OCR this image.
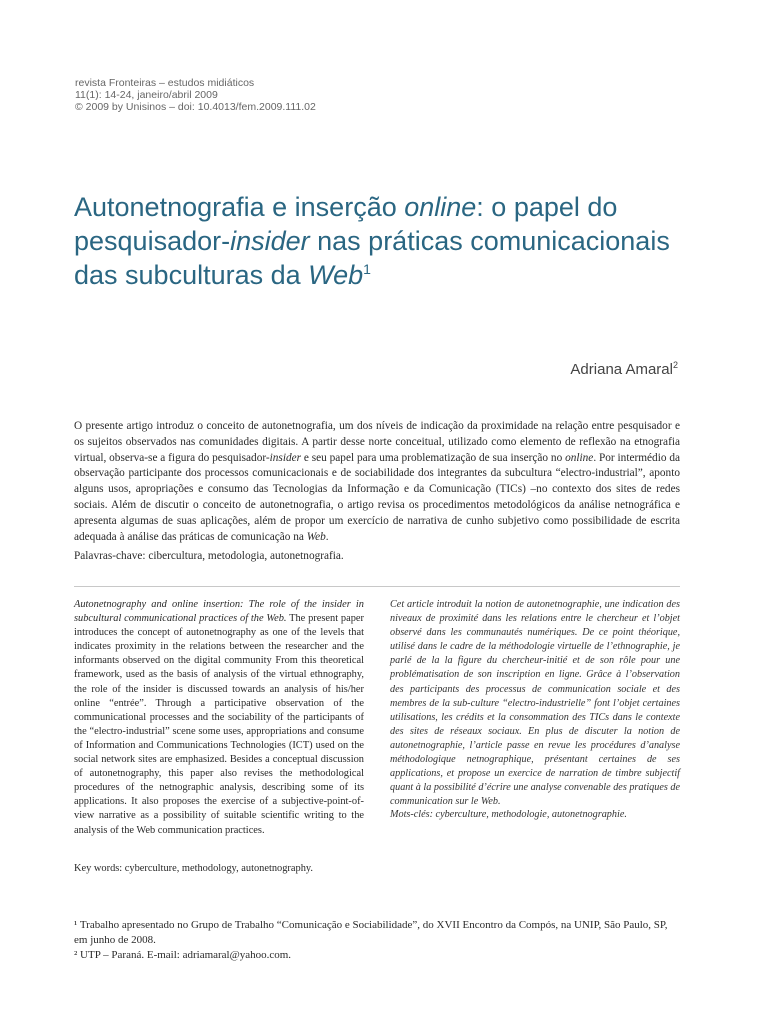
revista Fronteiras – estudos midiáticos
11(1): 14-24, janeiro/abril 2009
© 2009 by Unisinos – doi: 10.4013/fem.2009.111.02
Autonetnografia e inserção online: o papel do pesquisador-insider nas práticas comunicacionais das subculturas da Web$^1$
Adriana Amaral$^2$

O presente artigo introduz o conceito de autonetnografia, um dos níveis de indicação da proximidade na relação entre pesquisador e os sujeitos observados nas comunidades digitais. A partir desse norte conceitual, utilizado como elemento de reflexão na etnografia virtual, observa-se a figura do pesquisador-insider e seu papel para uma problematização de sua inserção no online. Por intermédio da observação participante dos processos comunicacionais e de sociabilidade dos integrantes da subcultura “electro-industrial”, aponto alguns usos, apropriações e consumo das Tecnologias da Informação e da Comunicação (TICs) –no contexto dos sites de redes sociais. Além de discutir o conceito de autonetnografia, o artigo revisa os procedimentos metodológicos da análise netnográfica e apresenta algumas de suas aplicações, além de propor um exercício de narrativa de cunho subjetivo como possibilidade de escrita adequada à análise das práticas de comunicação na Web.

Palavras-chave: cibercultura, metodologia, autonetnografia.

Autonetnography and online insertion: The role of the insider in subcultural communicational practices of the Web. The present paper introduces the concept of autonetnography as one of the levels that indicates proximity in the relations between the researcher and the informants observed on the digital community From this theoretical framework, used as the basis of analysis of the virtual ethnography, the role of the insider is discussed towards an analysis of his/her online “entrée”. Through a participative observation of the communicational processes and the sociability of the participants of the “electro-industrial” scene some uses, appropriations and consume of Information and Communications Technologies (ICT) used on the social network sites are emphasized. Besides a conceptual discussion of autonetnography, this paper also revises the methodological procedures of the netnographic analysis, describing some of its applications. It also proposes the exercise of a subjective-point-of-view narrative as a possibility of suitable scientific writing to the analysis of the Web communication practices.

Key words: cyberculture, methodology, autonetnography.

Cet article introduit la notion de autonetnographie, une indication des niveaux de proximité dans les relations entre le chercheur et l’objet observé dans les communautés numériques. De ce point théorique, utilisé dans le cadre de la méthodologie virtuelle de l’ethnographie, je parlé de la la figure du chercheur-initié et de son rôle pour une problématisation de son inscription en ligne. Grâce à l’observation des participants des processus de communication sociale et des membres de la sub-culture “electro-industrielle” font l’objet certaines utilisations, les crédits et la consommation des TICs dans le contexte des sites de réseaux sociaux. En plus de discuter la notion de autonetnographie, l’article passe en revue les procédures d’analyse méthodologique netnographique, présentant certaines de ses applications, et propose un exercice de narration de timbre subjectif quant à la possibilité d’écrire une analyse convenable des pratiques de communication sur le Web.

Mots-clés: cyberculture, methodologie, autonetnographie.

¹ Trabalho apresentado no Grupo de Trabalho “Comunicação e Sociabilidade”, do XVII Encontro da Compós, na UNIP, São Paulo, SP, em junho de 2008.

² UTP – Paraná. E-mail: adriamaral@yahoo.com.
